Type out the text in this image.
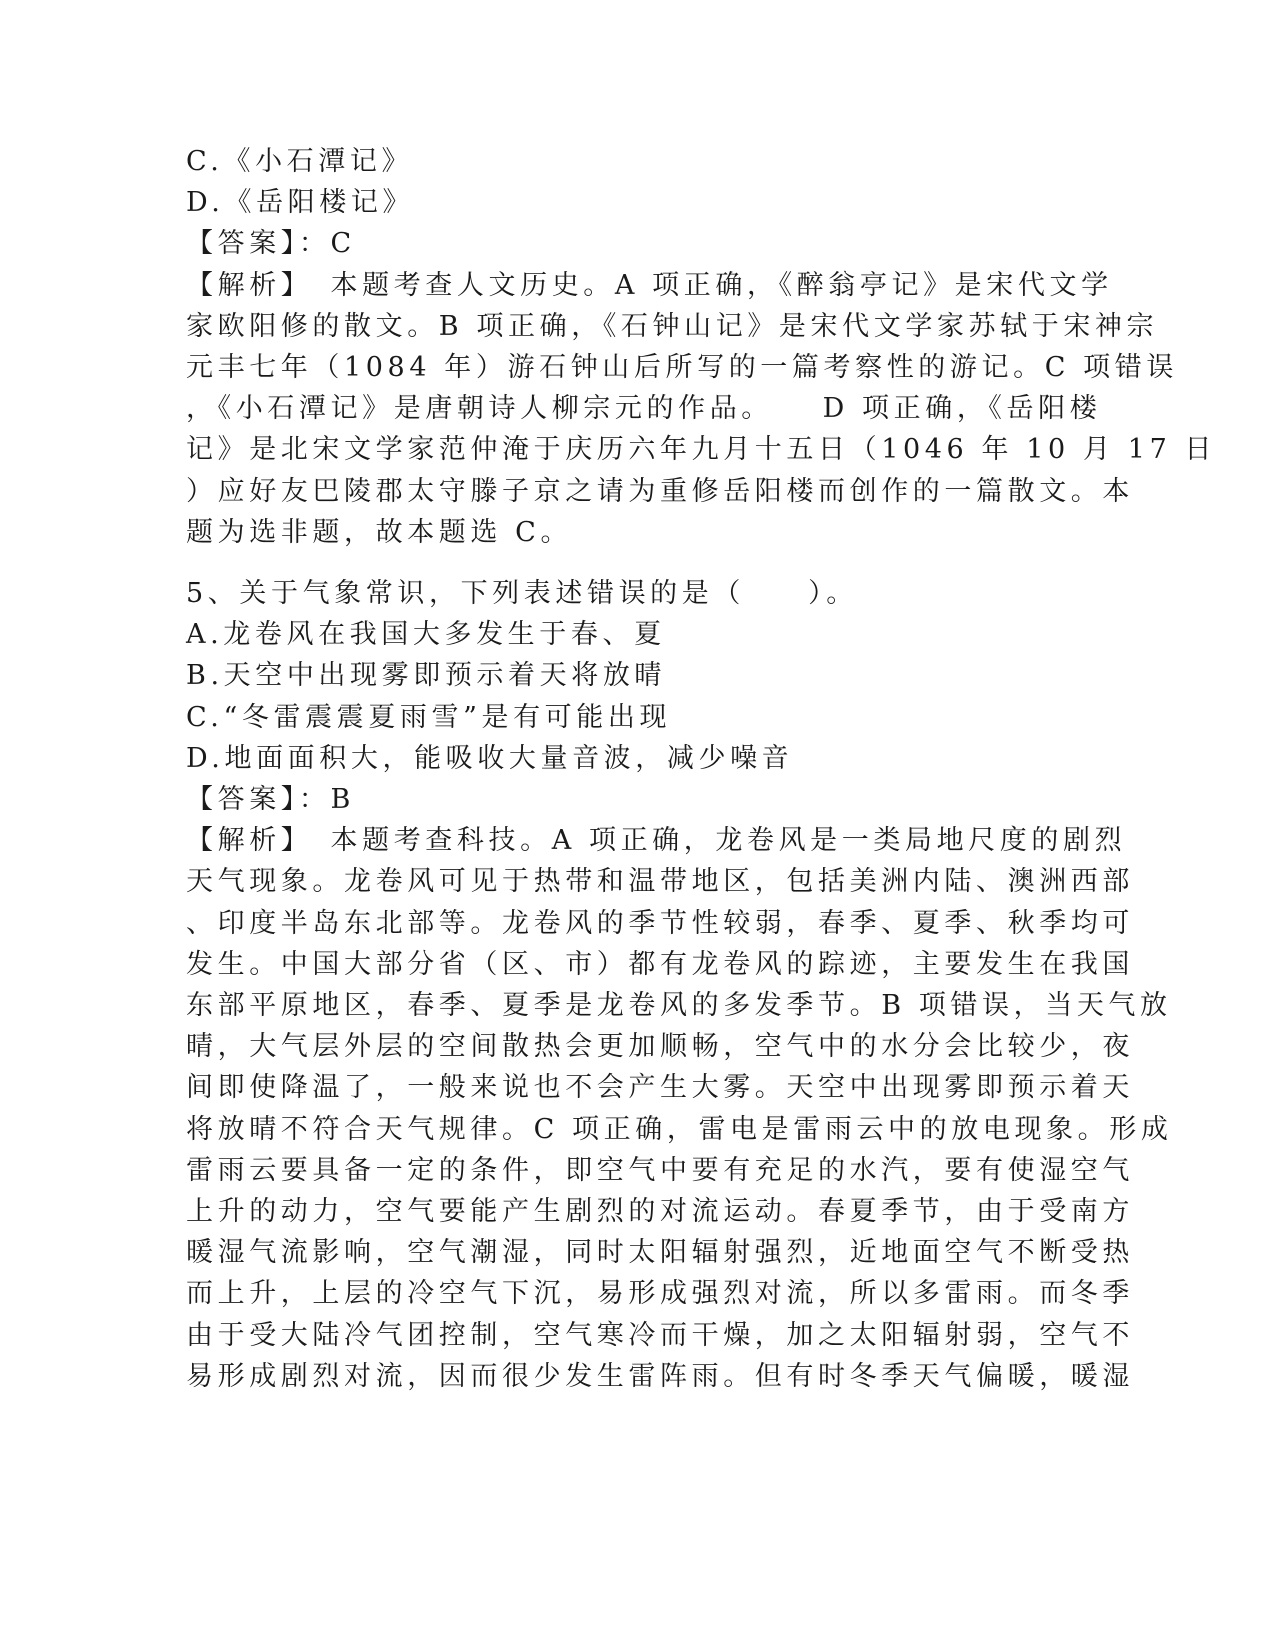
C.《小石潭记》
D.《岳阳楼记》
【答案】：C
【解析】　本题考查人文历史。A 项正确，《醉翁亭记》是宋代文学
家欧阳修的散文。B 项正确，《石钟山记》是宋代文学家苏轼于宋神宗
元丰七年（1084 年）游石钟山后所写的一篇考察性的游记。C 项错误
，《小石潭记》是唐朝诗人柳宗元的作品。　　D 项正确，《岳阳楼
记》是北宋文学家范仲淹于庆历六年九月十五日（1046 年 10 月 17 日
）应好友巴陵郡太守滕子京之请为重修岳阳楼而创作的一篇散文。本
题为选非题，故本题选 C。
5、关于气象常识，下列表述错误的是（　　）。
A.龙卷风在我国大多发生于春、夏
B.天空中出现雾即预示着天将放晴
C.“冬雷震震夏雨雪”是有可能出现
D.地面面积大，能吸收大量音波，减少噪音
【答案】：B
【解析】　本题考查科技。A 项正确，龙卷风是一类局地尺度的剧烈
天气现象。龙卷风可见于热带和温带地区，包括美洲内陆、澳洲西部
、印度半岛东北部等。龙卷风的季节性较弱，春季、夏季、秋季均可
发生。中国大部分省（区、市）都有龙卷风的踪迹，主要发生在我国
东部平原地区，春季、夏季是龙卷风的多发季节。B 项错误，当天气放
晴，大气层外层的空间散热会更加顺畅，空气中的水分会比较少，夜
间即使降温了，一般来说也不会产生大雾。天空中出现雾即预示着天
将放晴不符合天气规律。C 项正确，雷电是雷雨云中的放电现象。形成
雷雨云要具备一定的条件，即空气中要有充足的水汽，要有使湿空气
上升的动力，空气要能产生剧烈的对流运动。春夏季节，由于受南方
暖湿气流影响，空气潮湿，同时太阳辐射强烈，近地面空气不断受热
而上升，上层的冷空气下沉，易形成强烈对流，所以多雷雨。而冬季
由于受大陆冷气团控制，空气寒冷而干燥，加之太阳辐射弱，空气不
易形成剧烈对流，因而很少发生雷阵雨。但有时冬季天气偏暖，暖湿
